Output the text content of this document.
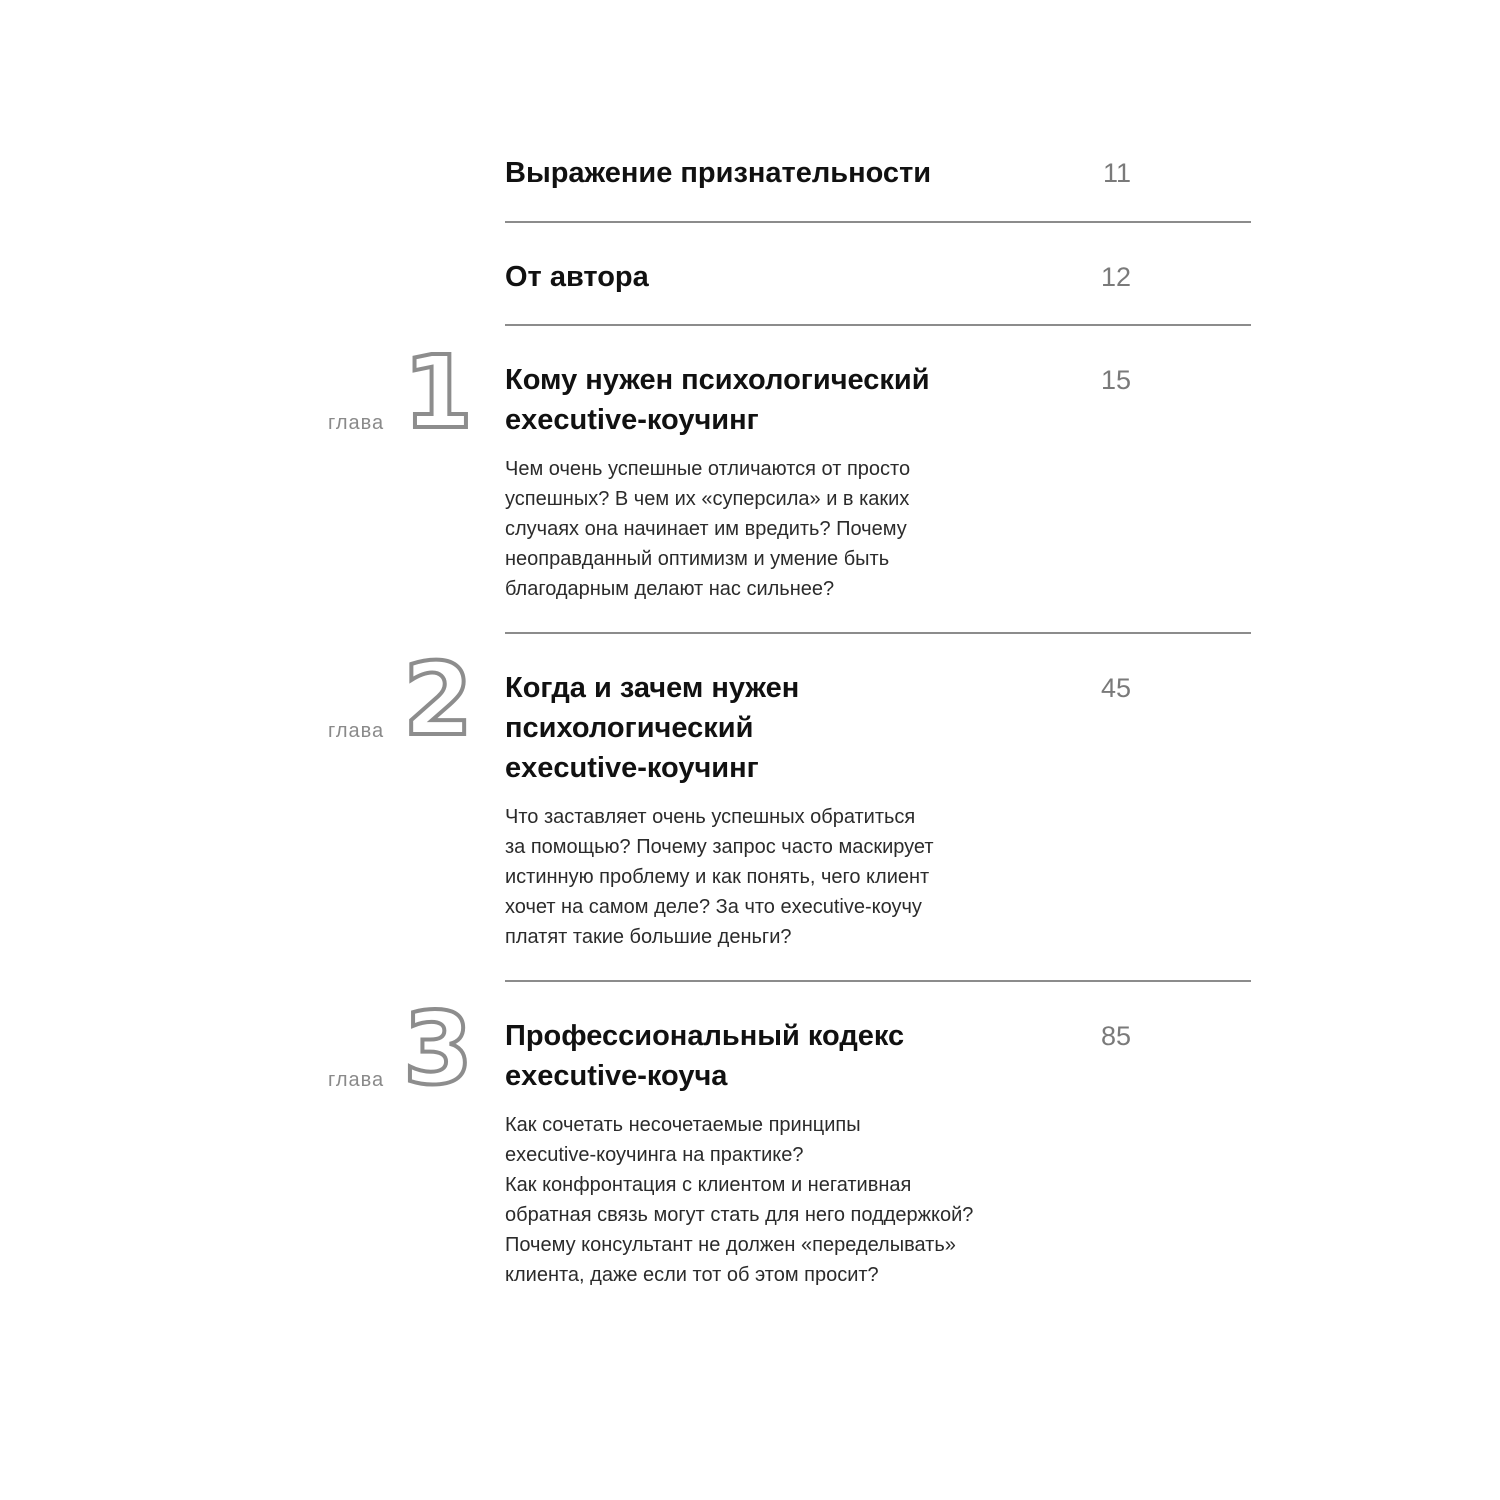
Выражение признательности	11
От автора	12
глава 1 Кому нужен психологический executive-коучинг
15

Чем очень успешные отличаются от просто
успешных? В чем их «суперсила» и в каких
случаях она начинает им вредить? Почему
неоправданный оптимизм и умение быть
благодарным делают нас сильнее?

глава 2 Когда и зачем нужен психологический executive-коучинг
45

Что заставляет очень успешных обратиться
за помощью? Почему запрос часто маскирует
истинную проблему и как понять, чего клиент
хочет на самом деле? За что executive-коучу
платят такие большие деньги?

глава 3 Профессиональный кодекс executive-коуча
85

Как сочетать несочетаемые принципы
executive-коучинга на практике?
Как конфронтация с клиентом и негативная
обратная связь могут стать для него поддержкой?
Почему консультант не должен «переделывать»
клиента, даже если тот об этом просит?
